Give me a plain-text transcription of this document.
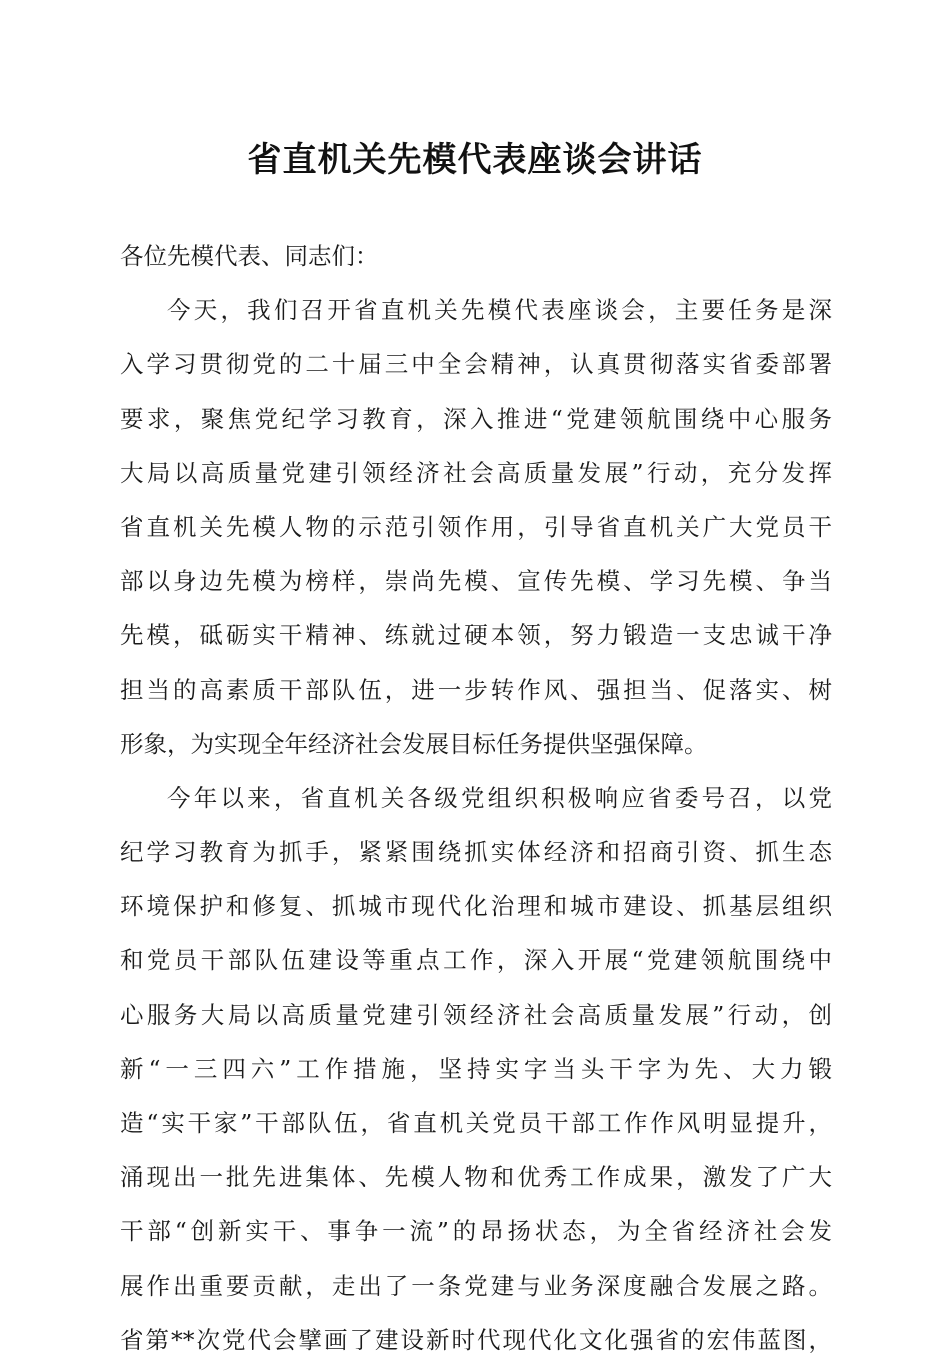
省直机关先模代表座谈会讲话
各位先模代表、同志们：
今天，我们召开省直机关先模代表座谈会，主要任务是深
入学习贯彻党的二十届三中全会精神，认真贯彻落实省委部署
要求，聚焦党纪学习教育，深入推进“党建领航围绕中心服务
大局以高质量党建引领经济社会高质量发展”行动，充分发挥
省直机关先模人物的示范引领作用，引导省直机关广大党员干
部以身边先模为榜样，崇尚先模、宣传先模、学习先模、争当
先模，砥砺实干精神、练就过硬本领，努力锻造一支忠诚干净
担当的高素质干部队伍，进一步转作风、强担当、促落实、树
形象，为实现全年经济社会发展目标任务提供坚强保障。
今年以来，省直机关各级党组织积极响应省委号召，以党
纪学习教育为抓手，紧紧围绕抓实体经济和招商引资、抓生态
环境保护和修复、抓城市现代化治理和城市建设、抓基层组织
和党员干部队伍建设等重点工作，深入开展“党建领航围绕中
心服务大局以高质量党建引领经济社会高质量发展”行动，创
新“一三四六”工作措施，坚持实字当头干字为先、大力锻
造“实干家”干部队伍，省直机关党员干部工作作风明显提升，
涌现出一批先进集体、先模人物和优秀工作成果，激发了广大
干部“创新实干、事争一流”的昂扬状态，为全省经济社会发
展作出重要贡献，走出了一条党建与业务深度融合发展之路。
省第**次党代会擘画了建设新时代现代化文化强省的宏伟蓝图，
